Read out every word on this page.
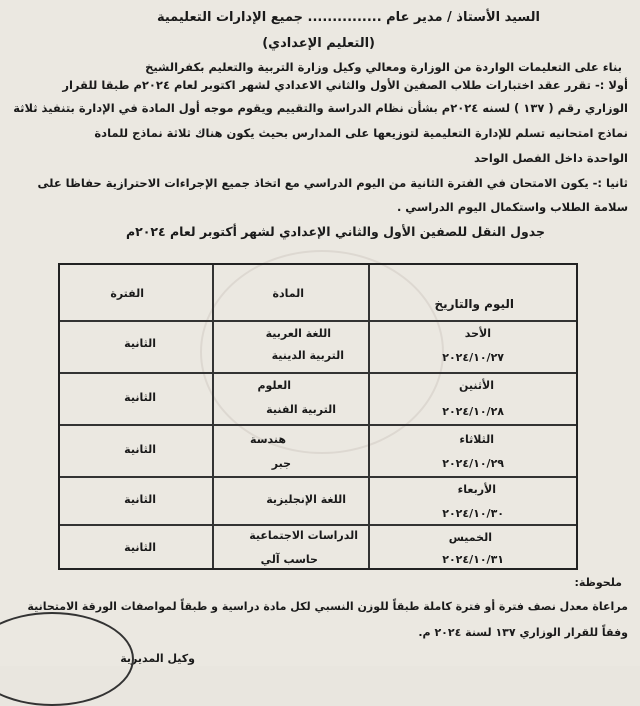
السيد الأستاذ / مدير عام ............... جميع الإدارات التعليمية
(التعليم الإعدادي)
بناء على التعليمات الواردة من الوزارة ومعالي وكيل وزارة التربية والتعليم بكفرالشيخ
أولا :- تقرر عقد اختبارات طلاب الصفين الأول والثاني الاعدادي لشهر اكتوبر لعام ٢٠٢٤م طبقا للقرار
الوزاري رقم ( ١٣٧ ) لسنه ٢٠٢٤م بشأن نظام الدراسة والتقييم ويقوم موجه أول المادة في الإدارة بتنفيذ ثلاثة
نماذج امتحانيه تسلم للإدارة التعليمية لتوزيعها على المدارس بحيث يكون هناك ثلاثة نماذج للمادة
الواحدة داخل الفصل الواحد
ثانيا :- يكون الامتحان في الفترة الثانية من اليوم الدراسي مع اتخاذ جميع الإجراءات الاحترازية حفاظا على
سلامة الطلاب واستكمال اليوم الدراسي .
جدول النقل للصفين الأول والثاني الإعدادي لشهر أكتوبر لعام ٢٠٢٤م
اليوم والتاريخ
المادة
الفترة
الأحد
٢٠٢٤/١٠/٢٧
اللغة العربية
التربية الدينية
الثانية
الأثنين
٢٠٢٤/١٠/٢٨
العلوم
التربية الفنية
الثانية
الثلاثاء
٢٠٢٤/١٠/٢٩
هندسة
جبر
الثانية
الأربعاء
٢٠٢٤/١٠/٣٠
اللغة الإنجليزية
الثانية
الخميس
٢٠٢٤/١٠/٣١
الدراسات الاجتماعية
حاسب آلي
الثانية
ملحوظة:
مراعاة معدل نصف فترة أو فترة كاملة طبقاً للوزن النسبي لكل مادة دراسية و طبقاً لمواصفات الورقة الامتحانية
وفقاً للقرار الوزاري ١٣٧ لسنة ٢٠٢٤ م.
وكيل المديرية
